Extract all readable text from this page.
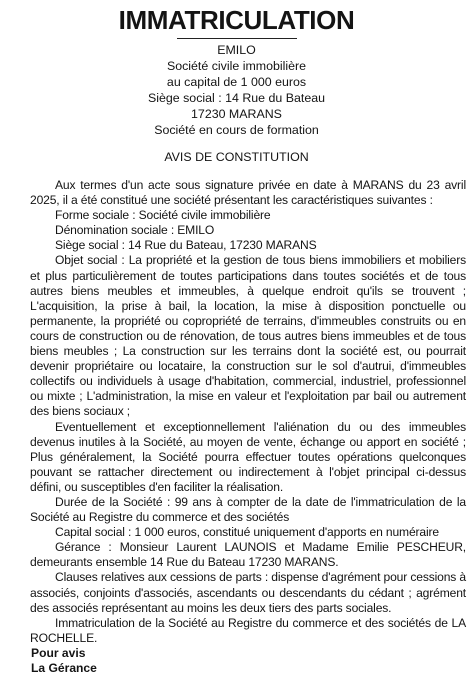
IMMATRICULATION
EMILO
Société civile immobilière
au capital de 1 000 euros
Siège social : 14 Rue du Bateau
17230 MARANS
Société en cours de formation
AVIS DE CONSTITUTION

Aux termes d'un acte sous signature privée en date à MARANS du 23 avril 2025, il a été constitué une société présentant les caractéristiques suivantes :

Forme sociale : Société civile immobilière

Dénomination sociale : EMILO

Siège social : 14 Rue du Bateau, 17230 MARANS

Objet social : La propriété et la gestion de tous biens immobiliers et mobiliers et plus particulièrement de toutes participations dans toutes sociétés et de tous autres biens meubles et immeubles, à quelque endroit qu'ils se trouvent ; L'acquisition, la prise à bail, la location, la mise à disposition ponctuelle ou permanente, la propriété ou copropriété de terrains, d'immeubles construits ou en cours de construction ou de rénovation, de tous autres biens immeubles et de tous biens meubles ; La construction sur les terrains dont la société est, ou pourrait devenir propriétaire ou locataire, la construction sur le sol d'autrui, d'immeubles collectifs ou individuels à usage d'habitation, commercial, industriel, professionnel ou mixte ; L'administration, la mise en valeur et l'exploitation par bail ou autrement des biens sociaux ;

Eventuellement et exceptionnellement l'aliénation du ou des immeubles devenus inutiles à la Société, au moyen de vente, échange ou apport en société ; Plus généralement, la Société pourra effectuer toutes opérations quelconques pouvant se rattacher directement ou indirectement à l'objet principal ci-dessus défini, ou susceptibles d'en faciliter la réalisation.

Durée de la Société : 99 ans à compter de la date de l'immatriculation de la Société au Registre du commerce et des sociétés

Capital social : 1 000 euros, constitué uniquement d'apports en numéraire

Gérance : Monsieur Laurent LAUNOIS et Madame Emilie PESCHEUR, demeurants ensemble 14 Rue du Bateau 17230 MARANS.

Clauses relatives aux cessions de parts : dispense d'agrément pour cessions à associés, conjoints d'associés, ascendants ou descendants du cédant ; agrément des associés représentant au moins les deux tiers des parts sociales.

Immatriculation de la Société au Registre du commerce et des sociétés de LA ROCHELLE.

Pour avis
La Gérance
